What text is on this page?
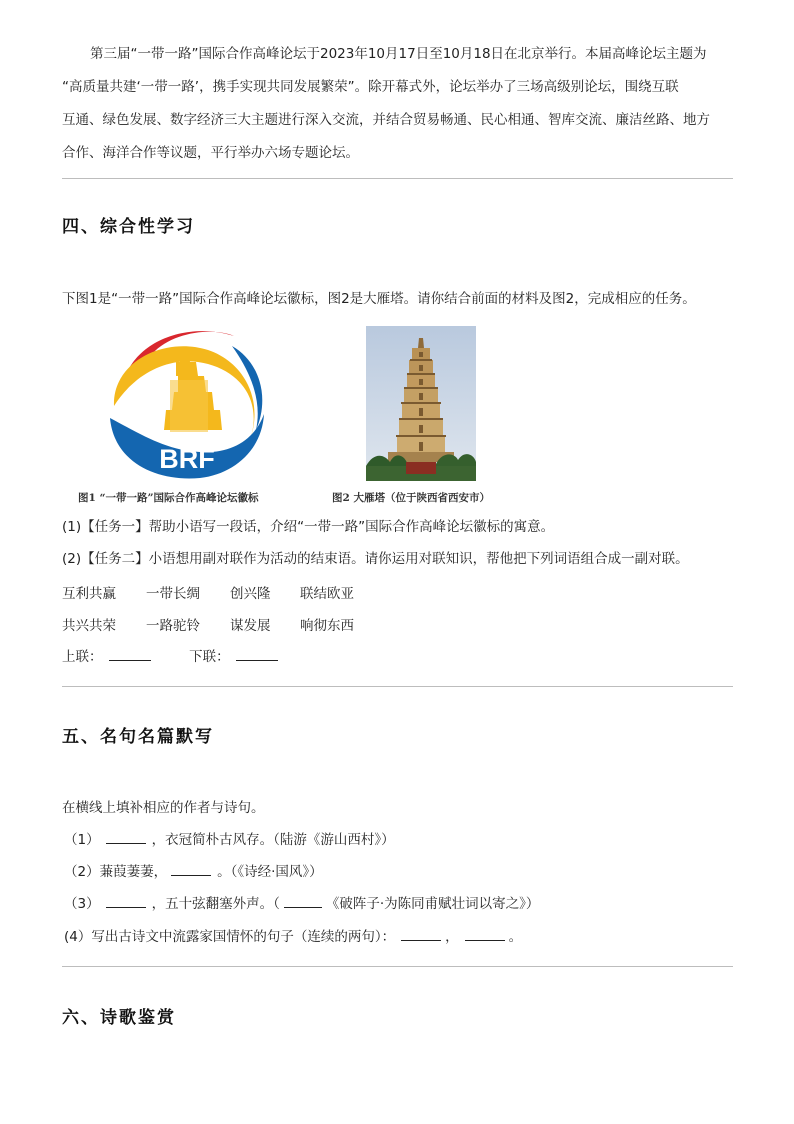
第三届“一带一路”国际合作高峰论坛于2023年10月17日至10月18日在北京举行。本届高峰论坛主题为
“高质量共建‘一带一路’，携手实现共同发展繁荣”。除开幕式外，论坛举办了三场高级别论坛，围绕互联
互通、绿色发展、数字经济三大主题进行深入交流，并结合贸易畅通、民心相通、智库交流、廉洁丝路、地方
合作、海洋合作等议题，平行举办六场专题论坛。
四、综合性学习
下图1是“一带一路”国际合作高峰论坛徽标，图2是大雁塔。请你结合前面的材料及图2，完成相应的任务。
BRF
图1 “一带一路”国际合作高峰论坛徽标	图2 大雁塔（位于陕西省西安市）
(1)【任务一】帮助小语写一段话，介绍“一带一路”国际合作高峰论坛徽标的寓意。
(2)【任务二】小语想用副对联作为活动的结束语。请你运用对联知识，帮他把下列词语组合成一副对联。
互利共赢 一带长绸 创兴隆 联结欧亚
共兴共荣 一路驼铃 谋发展 响彻东西
上联：	下联：
五、名句名篇默写
在横线上填补相应的作者与诗句。
（1）	，衣冠简朴古风存。（陆游《游山西村》）
（2）蒹葭萋萋，	。（《诗经·国风》）
（3）	，五十弦翻塞外声。（	《破阵子·为陈同甫赋壮词以寄之》）
(4）写出古诗文中流露家国情怀的句子（连续的两句）：	，	。
六、诗歌鉴赏
